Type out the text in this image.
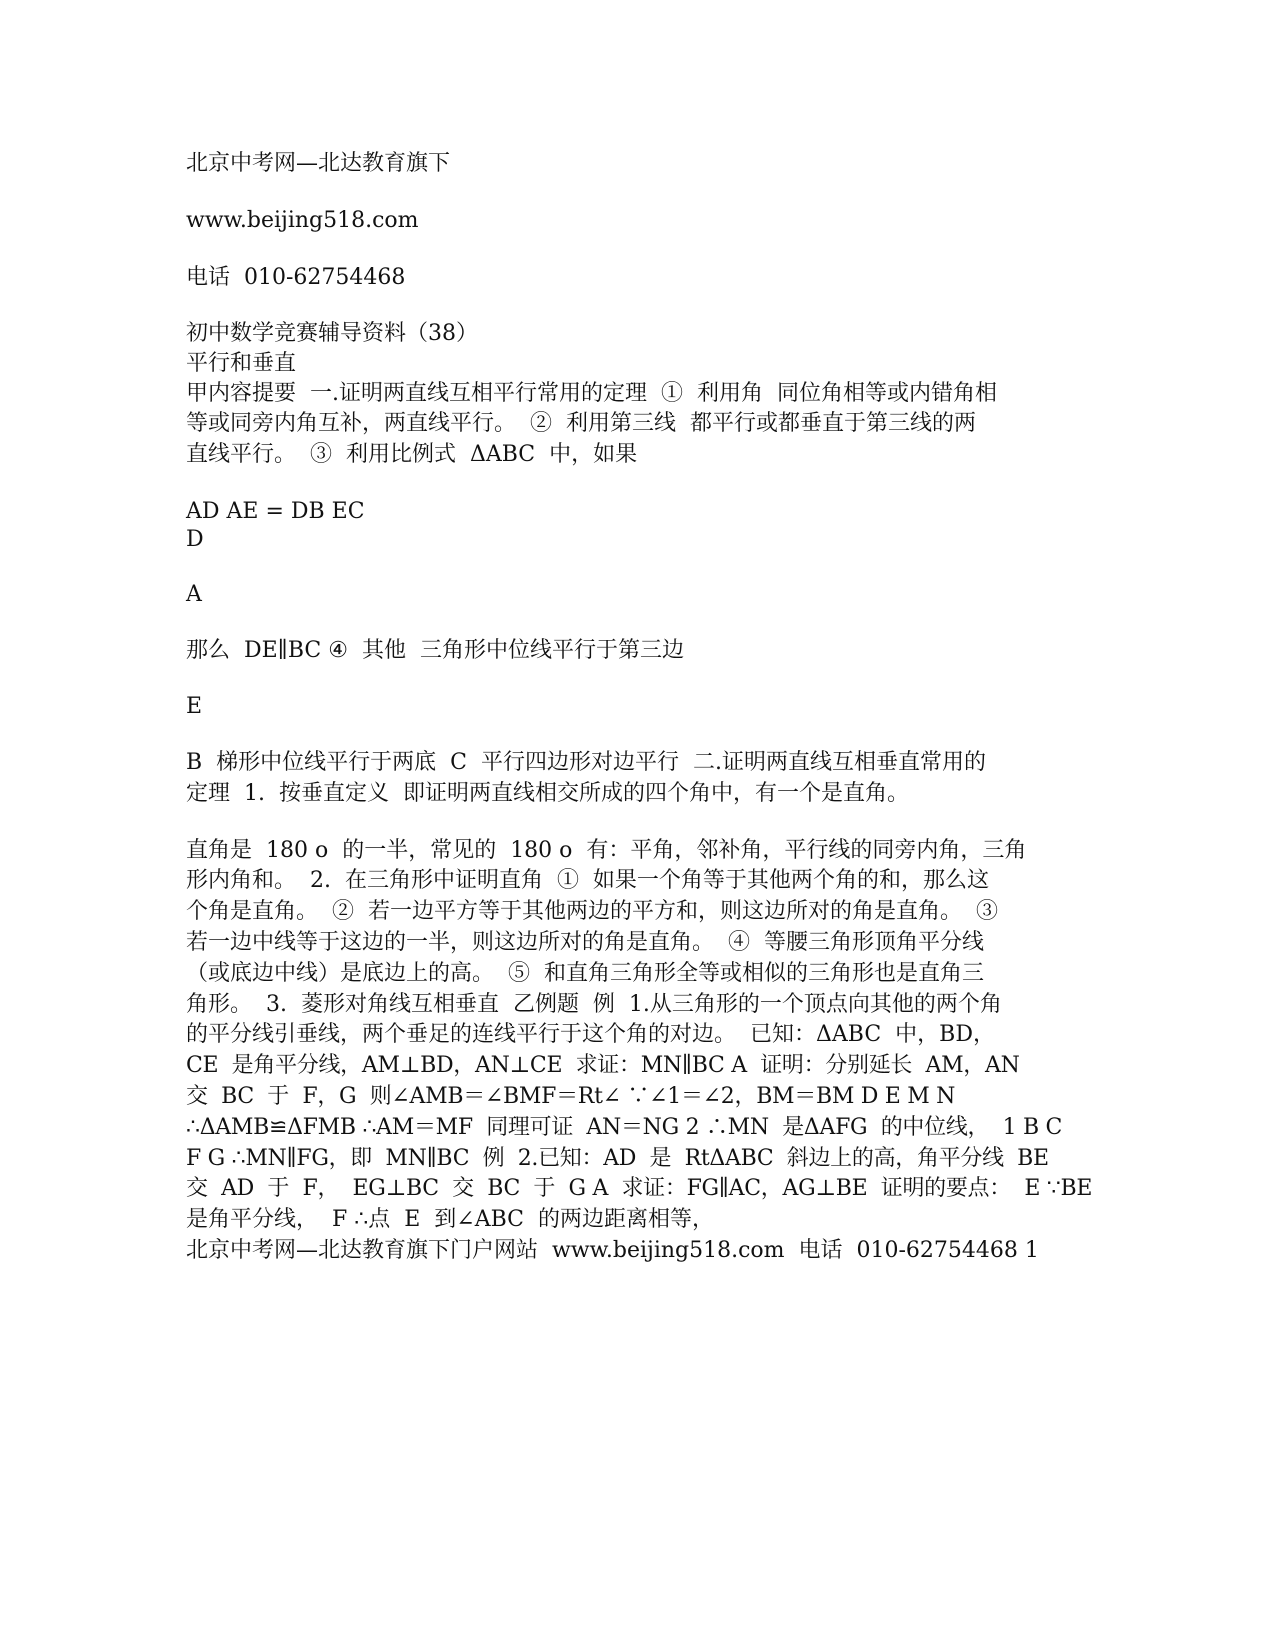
北京中考网—北达教育旗下

www.beijing518.com

电话  010-62754468

初中数学竞赛辅导资料（38）

平行和垂直

甲内容提要  一.证明两直线互相平行常用的定理  ①  利用角  同位角相等或内错角相

等或同旁内角互补，两直线平行。  ②  利用第三线  都平行或都垂直于第三线的两

直线平行。  ③  利用比例式  ΔABC  中，如果

AD AE = DB EC

D

A

那么  DE∥BC ④  其他  三角形中位线平行于第三边

E

B  梯形中位线平行于两底  C  平行四边形对边平行  二.证明两直线互相垂直常用的

定理  1.  按垂直定义  即证明两直线相交所成的四个角中，有一个是直角。

直角是  180 o  的一半，常见的  180 o  有：平角，邻补角，平行线的同旁内角，三角

形内角和。  2.  在三角形中证明直角  ①  如果一个角等于其他两个角的和，那么这

个角是直角。  ②  若一边平方等于其他两边的平方和，则这边所对的角是直角。  ③

若一边中线等于这边的一半，则这边所对的角是直角。  ④  等腰三角形顶角平分线

（或底边中线）是底边上的高。  ⑤  和直角三角形全等或相似的三角形也是直角三

角形。  3.  菱形对角线互相垂直  乙例题  例  1.从三角形的一个顶点向其他的两个角

的平分线引垂线，两个垂足的连线平行于这个角的对边。  已知：ΔABC  中，BD，

CE  是角平分线，AM⊥BD，AN⊥CE  求证：MN∥BC A  证明：分别延长  AM，AN

交  BC  于  F，G  则∠AMB＝∠BMF＝Rt∠ ∵∠1＝∠2，BM＝BM D E M N

∴ΔAMB≌ΔFMB ∴AM＝MF  同理可证  AN＝NG 2 ∴MN  是ΔAFG  的中位线，  1 B C

F G ∴MN∥FG，即  MN∥BC  例  2.已知：AD  是  RtΔABC  斜边上的高，角平分线  BE

交  AD  于  F，  EG⊥BC  交  BC  于  G A  求证：FG∥AC，AG⊥BE  证明的要点：  E ∵BE

是角平分线，  F ∴点  E  到∠ABC  的两边距离相等，

北京中考网—北达教育旗下门户网站  www.beijing518.com  电话  010-62754468 1
